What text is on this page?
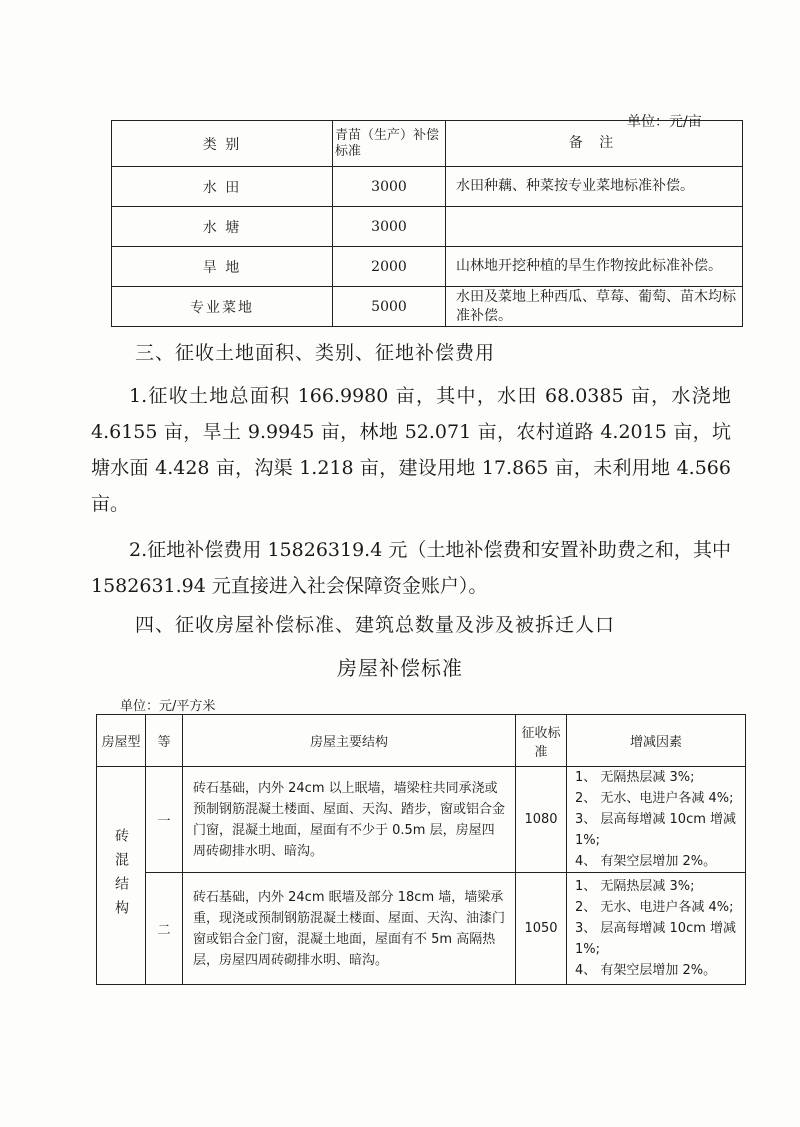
单位：元/亩
类 别	青苗（生产）补偿标准	备 注
水 田	3000	水田种藕、种菜按专业菜地标准补偿。
水 塘	3000	
旱 地	2000	山林地开挖种植的旱生作物按此标准补偿。
专业菜地	5000	水田及菜地上种西瓜、草莓、葡萄、苗木均标准补偿。
三、征收土地面积、类别、征地补偿费用
1.征收土地总面积 166.9980 亩，其中，水田 68.0385 亩，水浇地 4.6155 亩，旱土 9.9945 亩，林地 52.071 亩，农村道路 4.2015 亩，坑塘水面 4.428 亩，沟渠 1.218 亩，建设用地 17.865 亩，未利用地 4.566 亩。
2.征地补偿费用 15826319.4 元（土地补偿费和安置补助费之和，其中 1582631.94 元直接进入社会保障资金账户）。
四、征收房屋补偿标准、建筑总数量及涉及被拆迁人口
房屋补偿标准
单位：元/平方米
房屋型	等	房屋主要结构	征收标准	增减因素

砖混结构	一	砖石基础，内外 24cm 以上眠墙，墙梁柱共同承浇或预制钢筋混凝土楼面、屋面、天沟、踏步，窗或铝合金门窗，混凝土地面，屋面有不少于 0.5m 层，房屋四周砖砌排水明、暗沟。	1080	1、 无隔热层减 3%;
2、 无水、电进户各减 4%;
3、 层高每增减 10cm 增减 1%;
4、 有架空层增加 2%。

	二	砖石基础，内外 24cm 眠墙及部分 18cm 墙，墙梁承重，现浇或预制钢筋混凝土楼面、屋面、天沟、油漆门窗或铝合金门窗，混凝土地面，屋面有不 5m 高隔热层，房屋四周砖砌排水明、暗沟。	1050	1、 无隔热层减 3%;
2、 无水、电进户各减 4%;
3、 层高每增减 10cm 增减 1%;
4、 有架空层增加 2%。
